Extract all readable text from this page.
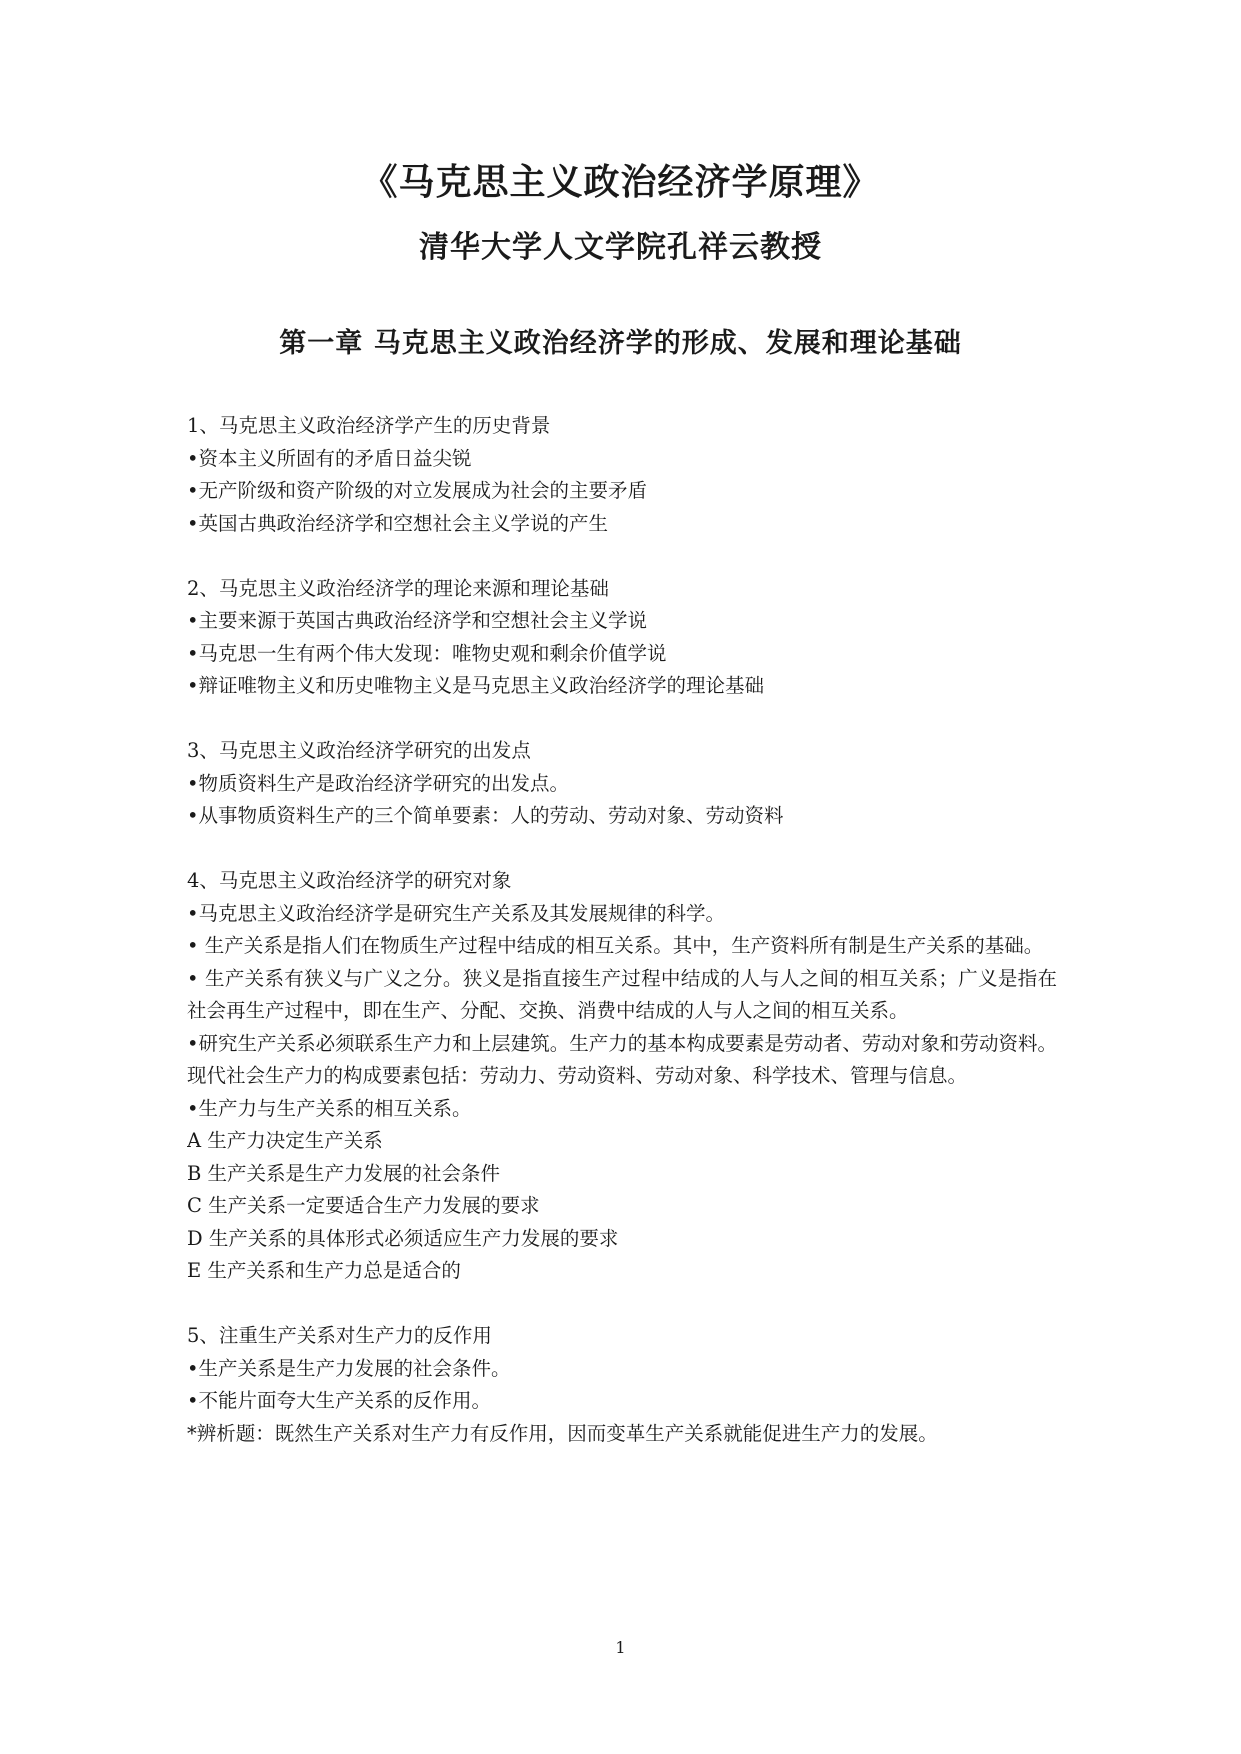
《马克思主义政治经济学原理》
清华大学人文学院孔祥云教授
第一章 马克思主义政治经济学的形成、发展和理论基础
1、马克思主义政治经济学产生的历史背景
•资本主义所固有的矛盾日益尖锐
•无产阶级和资产阶级的对立发展成为社会的主要矛盾
•英国古典政治经济学和空想社会主义学说的产生
2、马克思主义政治经济学的理论来源和理论基础
•主要来源于英国古典政治经济学和空想社会主义学说
•马克思一生有两个伟大发现：唯物史观和剩余价值学说
•辩证唯物主义和历史唯物主义是马克思主义政治经济学的理论基础
3、马克思主义政治经济学研究的出发点
•物质资料生产是政治经济学研究的出发点。
•从事物质资料生产的三个简单要素：人的劳动、劳动对象、劳动资料
4、马克思主义政治经济学的研究对象
•马克思主义政治经济学是研究生产关系及其发展规律的科学。
• 生产关系是指人们在物质生产过程中结成的相互关系。其中，生产资料所有制是生产关系的基础。
• 生产关系有狭义与广义之分。狭义是指直接生产过程中结成的人与人之间的相互关系；广义是指在社会再生产过程中，即在生产、分配、交换、消费中结成的人与人之间的相互关系。
•研究生产关系必须联系生产力和上层建筑。生产力的基本构成要素是劳动者、劳动对象和劳动资料。现代社会生产力的构成要素包括：劳动力、劳动资料、劳动对象、科学技术、管理与信息。
•生产力与生产关系的相互关系。
A 生产力决定生产关系
B 生产关系是生产力发展的社会条件
C 生产关系一定要适合生产力发展的要求
D 生产关系的具体形式必须适应生产力发展的要求
E 生产关系和生产力总是适合的
5、注重生产关系对生产力的反作用
•生产关系是生产力发展的社会条件。
•不能片面夸大生产关系的反作用。
*辨析题：既然生产关系对生产力有反作用，因而变革生产关系就能促进生产力的发展。
1
